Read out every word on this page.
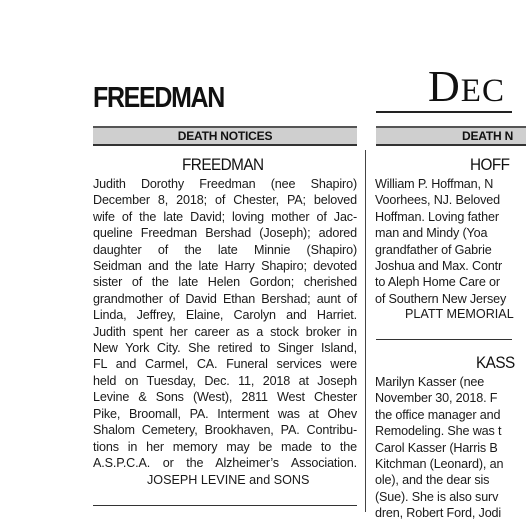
FREEDMAN	DEC
DEATH NOTICES	DEATH N
FREEDMAN
Judith Dorothy Freedman (nee Shapiro)
December 8, 2018; of Chester, PA; beloved
wife of the late David; loving mother of Jac-
queline Freedman Bershad (Joseph); adored
daughter of the late Minnie (Shapiro)
Seidman and the late Harry Shapiro; devoted
sister of the late Helen Gordon; cherished
grandmother of David Ethan Bershad; aunt of
Linda, Jeffrey, Elaine, Carolyn and Harriet.
Judith spent her career as a stock broker in
New York City. She retired to Singer Island,
FL and Carmel, CA. Funeral services were
held on Tuesday, Dec. 11, 2018 at Joseph
Levine & Sons (West), 2811 West Chester
Pike, Broomall, PA. Interment was at Ohev
Shalom Cemetery, Brookhaven, PA. Contribu-
tions in her memory may be made to the
A.S.P.C.A. or the Alzheimer’s Association.
JOSEPH LEVINE and SONS
HOFF
William P. Hoffman, N
Voorhees, NJ. Beloved
Hoffman. Loving father
man and Mindy (Yoa
grandfather of Gabrie
Joshua and Max. Contr
to Aleph Home Care or
of Southern New Jersey
PLATT MEMORIAL
KASS
Marilyn Kasser (nee
November 30, 2018. F
the office manager and
Remodeling. She was t
Carol Kasser (Harris B
Kitchman (Leonard), an
ole), and the dear sis
(Sue). She is also surv
dren, Robert Ford, Jodi
